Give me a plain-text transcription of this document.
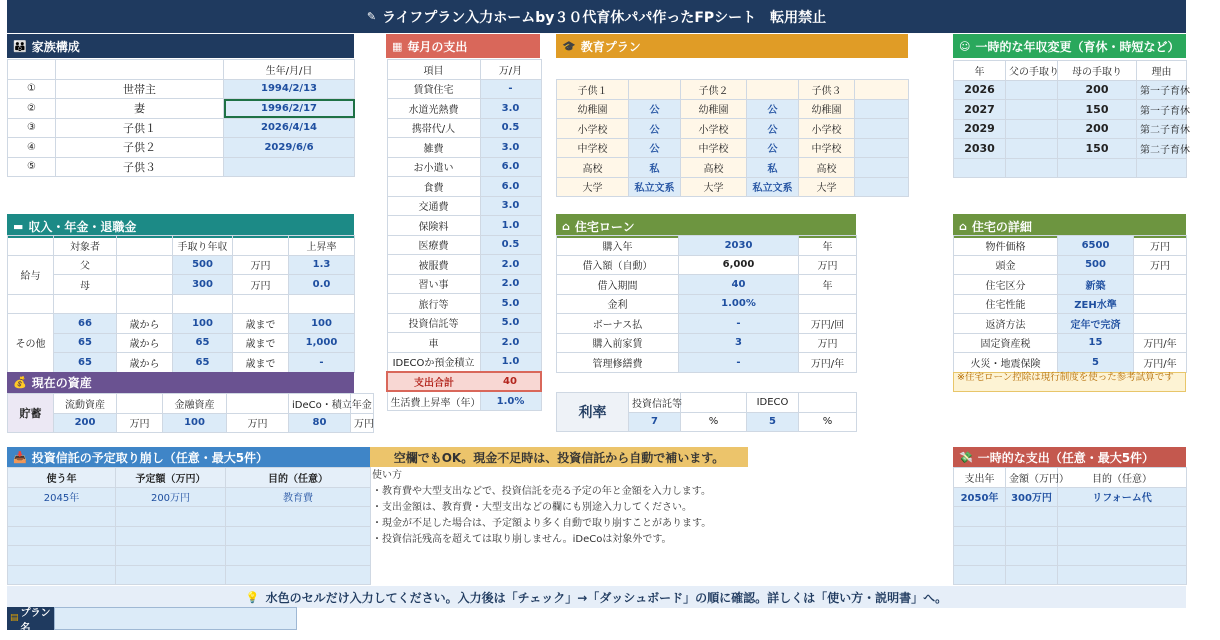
✎ ライフプラン入力ホームby３０代育休パパ作ったFPシート　転用禁止
👪 家族構成
		生年/月/日
①	世帯主	1994/2/13
②	妻	1996/2/17
③	子供１	2026/4/14
④	子供２	2029/6/6
⑤	子供３	
▦ 毎月の支出
項目	万/月
賃貸住宅	-
水道光熱費	3.0
携帯代/人	0.5
雑費	3.0
お小遣い	6.0
食費	6.0
交通費	3.0
保険料	1.0
医療費	0.5
被服費	2.0
習い事	2.0
旅行等	5.0
投資信託等	5.0
車	2.0
IDECOか預金積立	1.0
支出合計	40
生活費上昇率（年）	1.0%
🎓 教育プラン
子供１		子供２		子供３	
幼稚園	公	幼稚園	公	幼稚園	
小学校	公	小学校	公	小学校	
中学校	公	中学校	公	中学校	
高校	私	高校	私	高校	
大学	私立文系	大学	私立文系	大学	
☺ 一時的な年収変更（育休・時短など）
年	父の手取り	母の手取り	理由
2026		200	第一子育休
2027		150	第一子育休
2029		200	第二子育休
2030		150	第二子育休

▬ 収入・年金・退職金
	対象者		手取り年収		上昇率
給与	父		500	万円	1.3
	母		300	万円	0.0

その他	66	歳から	100	歳まで	100
	65	歳から	65	歳まで	1,000
	65	歳から	65	歳まで	-
💰 現在の資産
貯蓄	流動資産		金融資産		iDeCo・積立年金	
	200	万円	100	万円	80	万円
⌂ 住宅ローン
購入年	2030	年
借入額（自動）	6,000	万円
借入期間	40	年
金利	1.00%	
ボーナス払	-	万円/回
購入前家賃	3	万円
管理修繕費	-	万円/年
利率	投資信託等		IDECO	
	7	%	5	%
⌂ 住宅の詳細
物件価格	6500	万円
頭金	500	万円
住宅区分	新築	
住宅性能	ZEH水準	
返済方法	定年で完済	
固定資産税	15	万円/年
火災・地震保険	5	万円/年
※住宅ローン控除は現行制度を使った参考試算です
📥 投資信託の予定取り崩し（任意・最大5件）	空欄でもOK。現金不足時は、投資信託から自動で補います。
使う年	予定額（万円）	目的（任意）
2045年	200万円	教育費

使い方
・教育費や大型支出などで、投資信託を売る予定の年と金額を入力します。
・支出金額は、教育費・大型支出などの欄にも別途入力してください。
・現金が不足した場合は、予定額より多く自動で取り崩すことがあります。
・投資信託残高を超えては取り崩しません。iDeCoは対象外です。
💸 一時的な支出（任意・最大5件）
支出年	金額（万円）	目的（任意）
2050年	300万円	リフォーム代

💡 水色のセルだけ入力してください。入力後は「チェック」→「ダッシュボード」の順に確認。詳しくは「使い方・説明書」へ。
▤ プラン名
